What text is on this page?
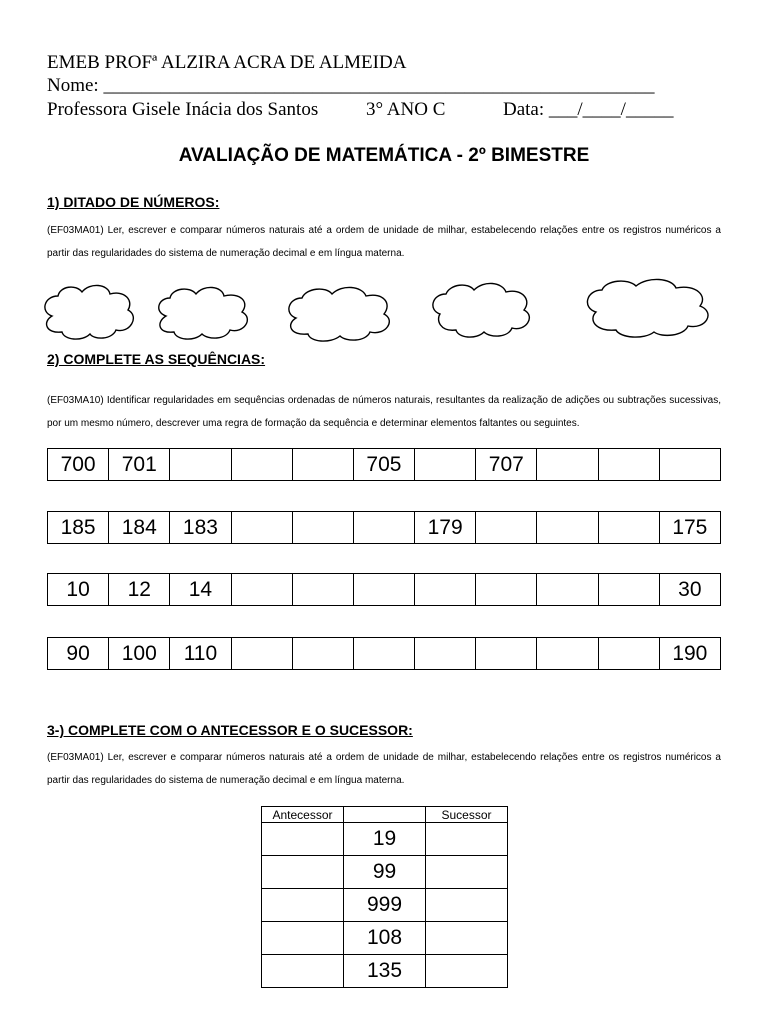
EMEB PROFª ALZIRA ACRA DE ALMEIDA
Nome: __________________________________________________________
Professora Gisele Inácia dos Santos	3° ANO C	Data: ___/____/_____
AVALIAÇÃO DE MATEMÁTICA - 2º BIMESTRE
1) DITADO DE NÚMEROS:
(EF03MA01) Ler, escrever e comparar números naturais até a ordem de unidade de milhar, estabelecendo relações entre os registros numéricos a partir das regularidades do sistema de numeração decimal e em língua materna.
2) COMPLETE AS SEQUÊNCIAS:
(EF03MA10) Identificar regularidades em sequências ordenadas de números naturais, resultantes da realização de adições ou subtrações sucessivas, por um mesmo número, descrever uma regra de formação da sequência e determinar elementos faltantes ou seguintes.
700	701				705		707			
185	184	183				179				175
10	12	14								30
90	100	110								190
3-) COMPLETE COM O ANTECESSOR E O SUCESSOR:
(EF03MA01) Ler, escrever e comparar números naturais até a ordem de unidade de milhar, estabelecendo relações entre os registros numéricos a partir das regularidades do sistema de numeração decimal e em língua materna.
Antecessor		Sucessor
	19	
	99	
	999	
	108	
	135	
